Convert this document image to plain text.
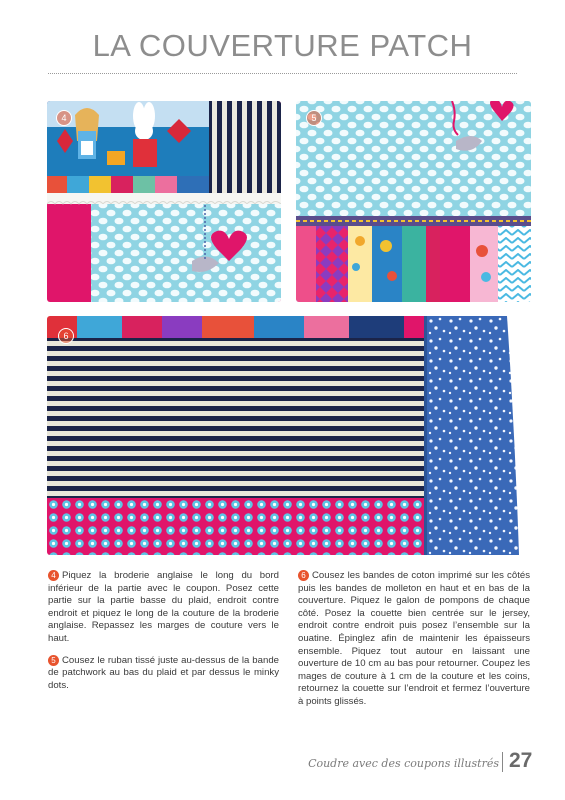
LA COUVERTURE PATCH
4	5
6

4 Piquez la broderie anglaise le long du bord inférieur de la partie avec le coupon. Posez cette partie sur la partie basse du plaid, endroit contre endroit et piquez le long de la couture de la broderie anglaise. Repassez les marges de couture vers le haut.

5 Cousez le ruban tissé juste au-dessus de la bande de patchwork au bas du plaid et par dessus le minky dots.

6 Cousez les bandes de coton imprimé sur les côtés puis les bandes de molleton en haut et en bas de la couverture. Piquez le galon de pompons de chaque côté. Posez la couette bien centrée sur le jersey, endroit contre endroit puis posez l’ensemble sur la ouatine. Épinglez afin de maintenir les épaisseurs ensemble. Piquez tout autour en laissant une ouverture de 10 cm au bas pour retourner. Coupez les mages de couture à 1 cm de la couture et les coins, retournez la couette sur l’endroit et fermez l’ouverture à points glissés.

Coudre avec des coupons illustrés 27
